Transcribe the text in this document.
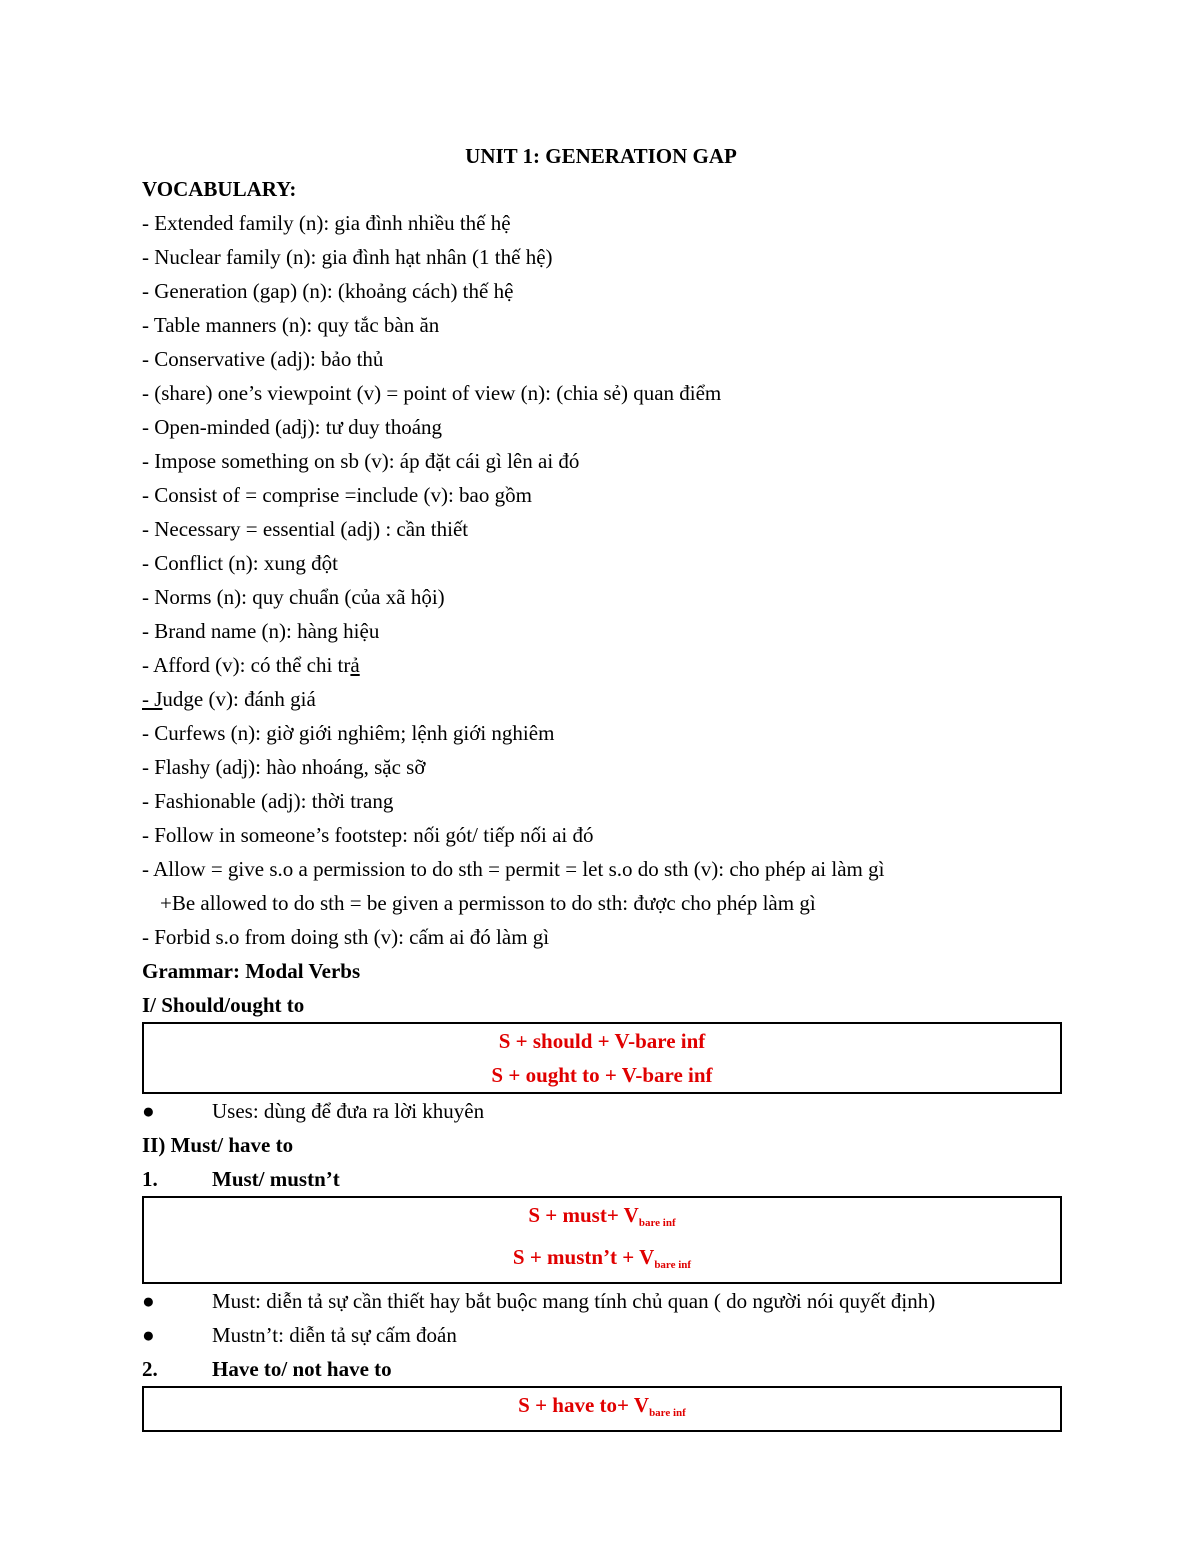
UNIT 1: GENERATION GAP

VOCABULARY:

- Extended family (n): gia đình nhiều thế hệ

- Nuclear family (n): gia đình hạt nhân (1 thế hệ)

- Generation (gap) (n): (khoảng cách) thế hệ

- Table manners (n): quy tắc bàn ăn

- Conservative (adj): bảo thủ

- (share) one’s viewpoint (v) = point of view (n): (chia sẻ) quan điểm

- Open-minded (adj): tư duy thoáng

- Impose something on sb (v): áp đặt cái gì lên ai đó

- Consist of = comprise =include (v): bao gồm

- Necessary = essential (adj) : cần thiết

- Conflict (n): xung đột

- Norms (n): quy chuẩn (của xã hội)

- Brand name (n): hàng hiệu

- Afford (v): có thể chi trả

- Judge (v): đánh giá

- Curfews (n): giờ giới nghiêm; lệnh giới nghiêm

- Flashy (adj): hào nhoáng, sặc sỡ

- Fashionable (adj): thời trang

- Follow in someone’s footstep: nối gót/ tiếp nối ai đó

- Allow = give s.o a permission to do sth = permit = let s.o do sth (v): cho phép ai làm gì

+Be allowed to do sth = be given a permisson to do sth: được cho phép làm gì

- Forbid s.o from doing sth (v): cấm ai đó làm gì

Grammar: Modal Verbs

I/ Should/ought to

S + should + V-bare inf
S + ought to + V-bare inf

●	Uses: dùng để đưa ra lời khuyên

II) Must/ have to

1.	Must/ mustn’t

S + must+ $V_{bare inf}$
S + mustn’t + $V_{bare inf}$

●	Must: diễn tả sự cần thiết hay bắt buộc mang tính chủ quan ( do người nói quyết định)

●	Mustn’t: diễn tả sự cấm đoán

2.	Have to/ not have to

S + have $to+ V_{bare inf}$
